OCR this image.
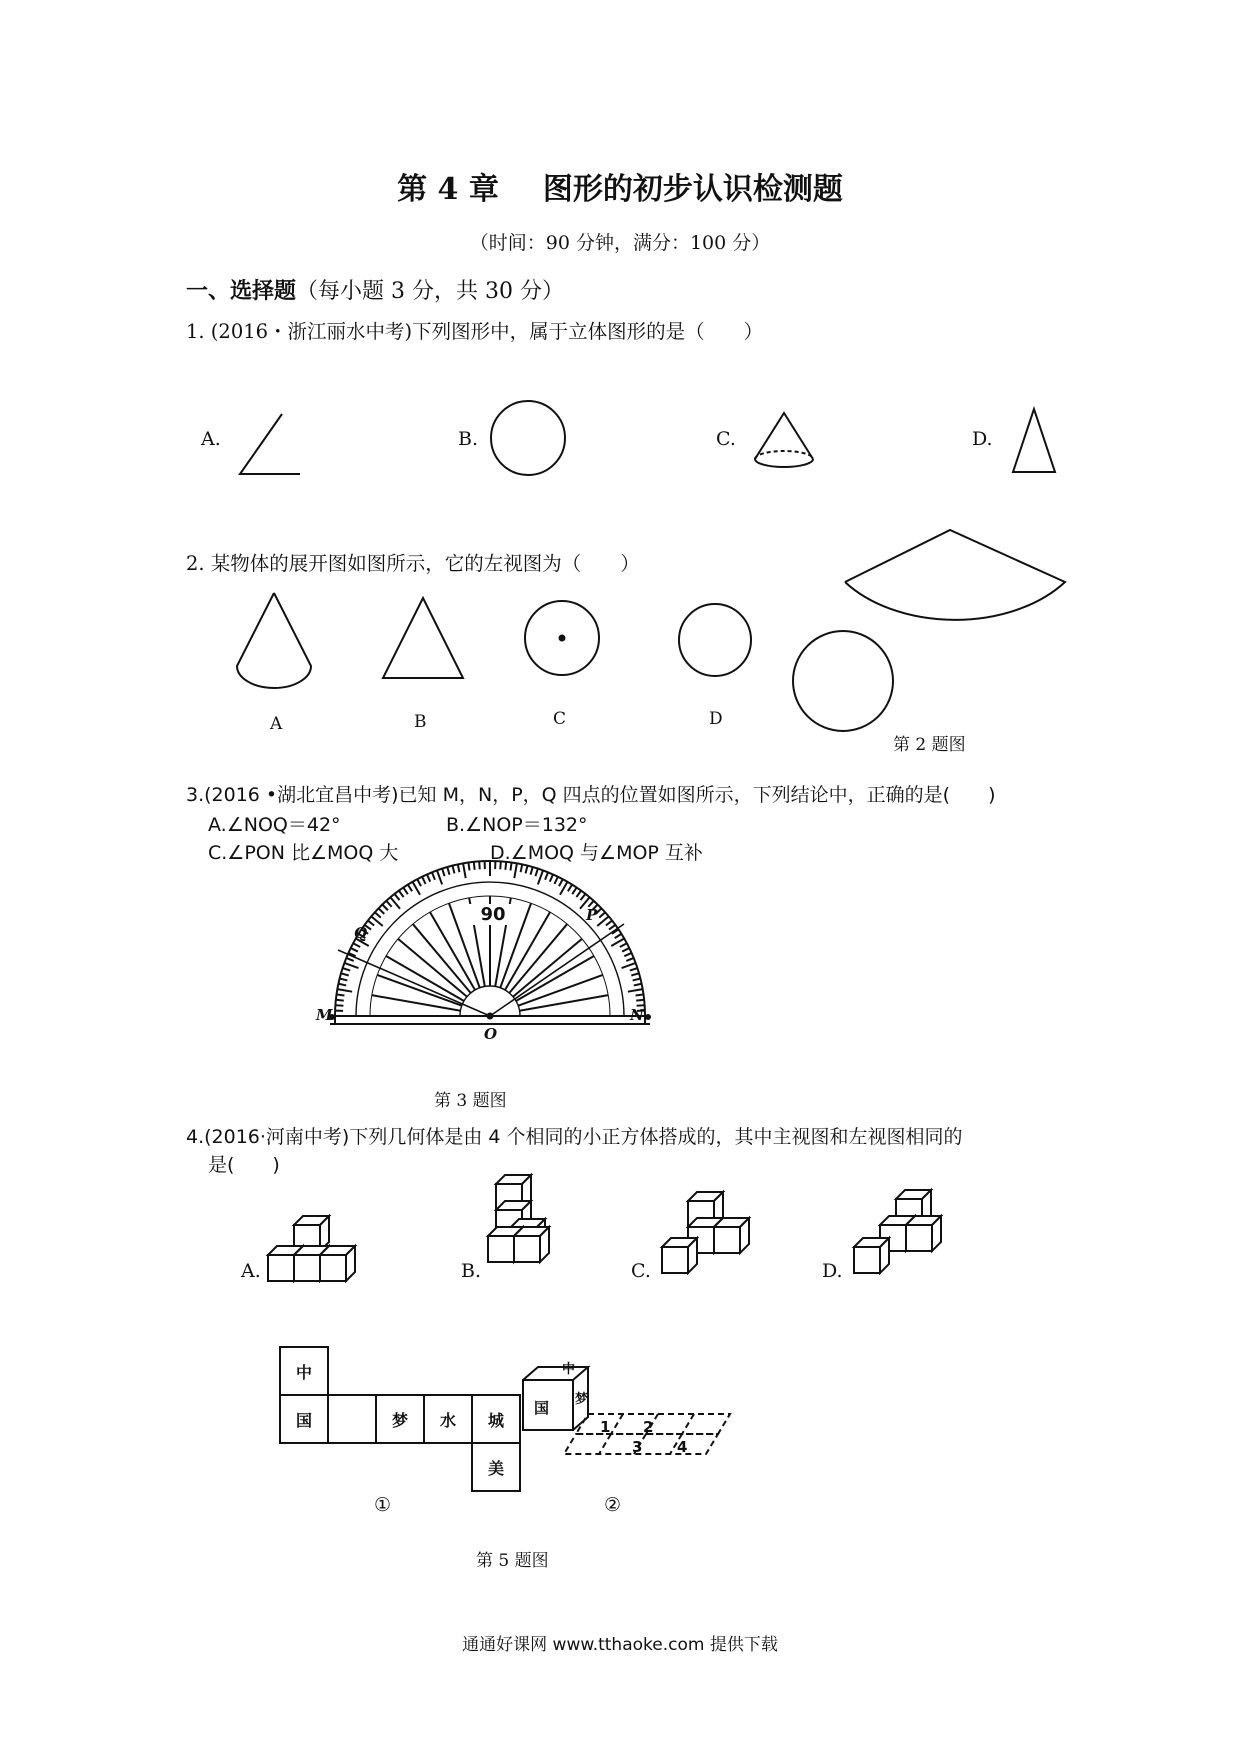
第 4 章 图形的初步认识检测题
（时间：90 分钟，满分：100 分）
一、选择题（每小题 3 分，共 30 分）
1. (2016・浙江丽水中考)下列图形中，属于立体图形的是（　　）
A.	B.	C.	D.
2. 某物体的展开图如图所示，它的左视图为（　　）
A	B	C	D
第 2 题图
3.(2016 •湖北宜昌中考)已知 M，N，P，Q 四点的位置如图所示，下列结论中，正确的是(　　)
A.∠NOQ＝42°	B.∠NOP＝132°
C.∠PON 比∠MOQ 大	D.∠MOQ 与∠MOP 互补
90
M	N
P
Q
O
第 3 题图
4.(2016·河南中考)下列几何体是由 4 个相同的小正方体搭成的，其中主视图和左视图相同的
是(　　)
A.	B.	C.	D.
中
国	梦	水	城
美
①
国
中
梦
1 2
3 4
②
第 5 题图
通通好课网 www.tthaoke.com 提供下载
